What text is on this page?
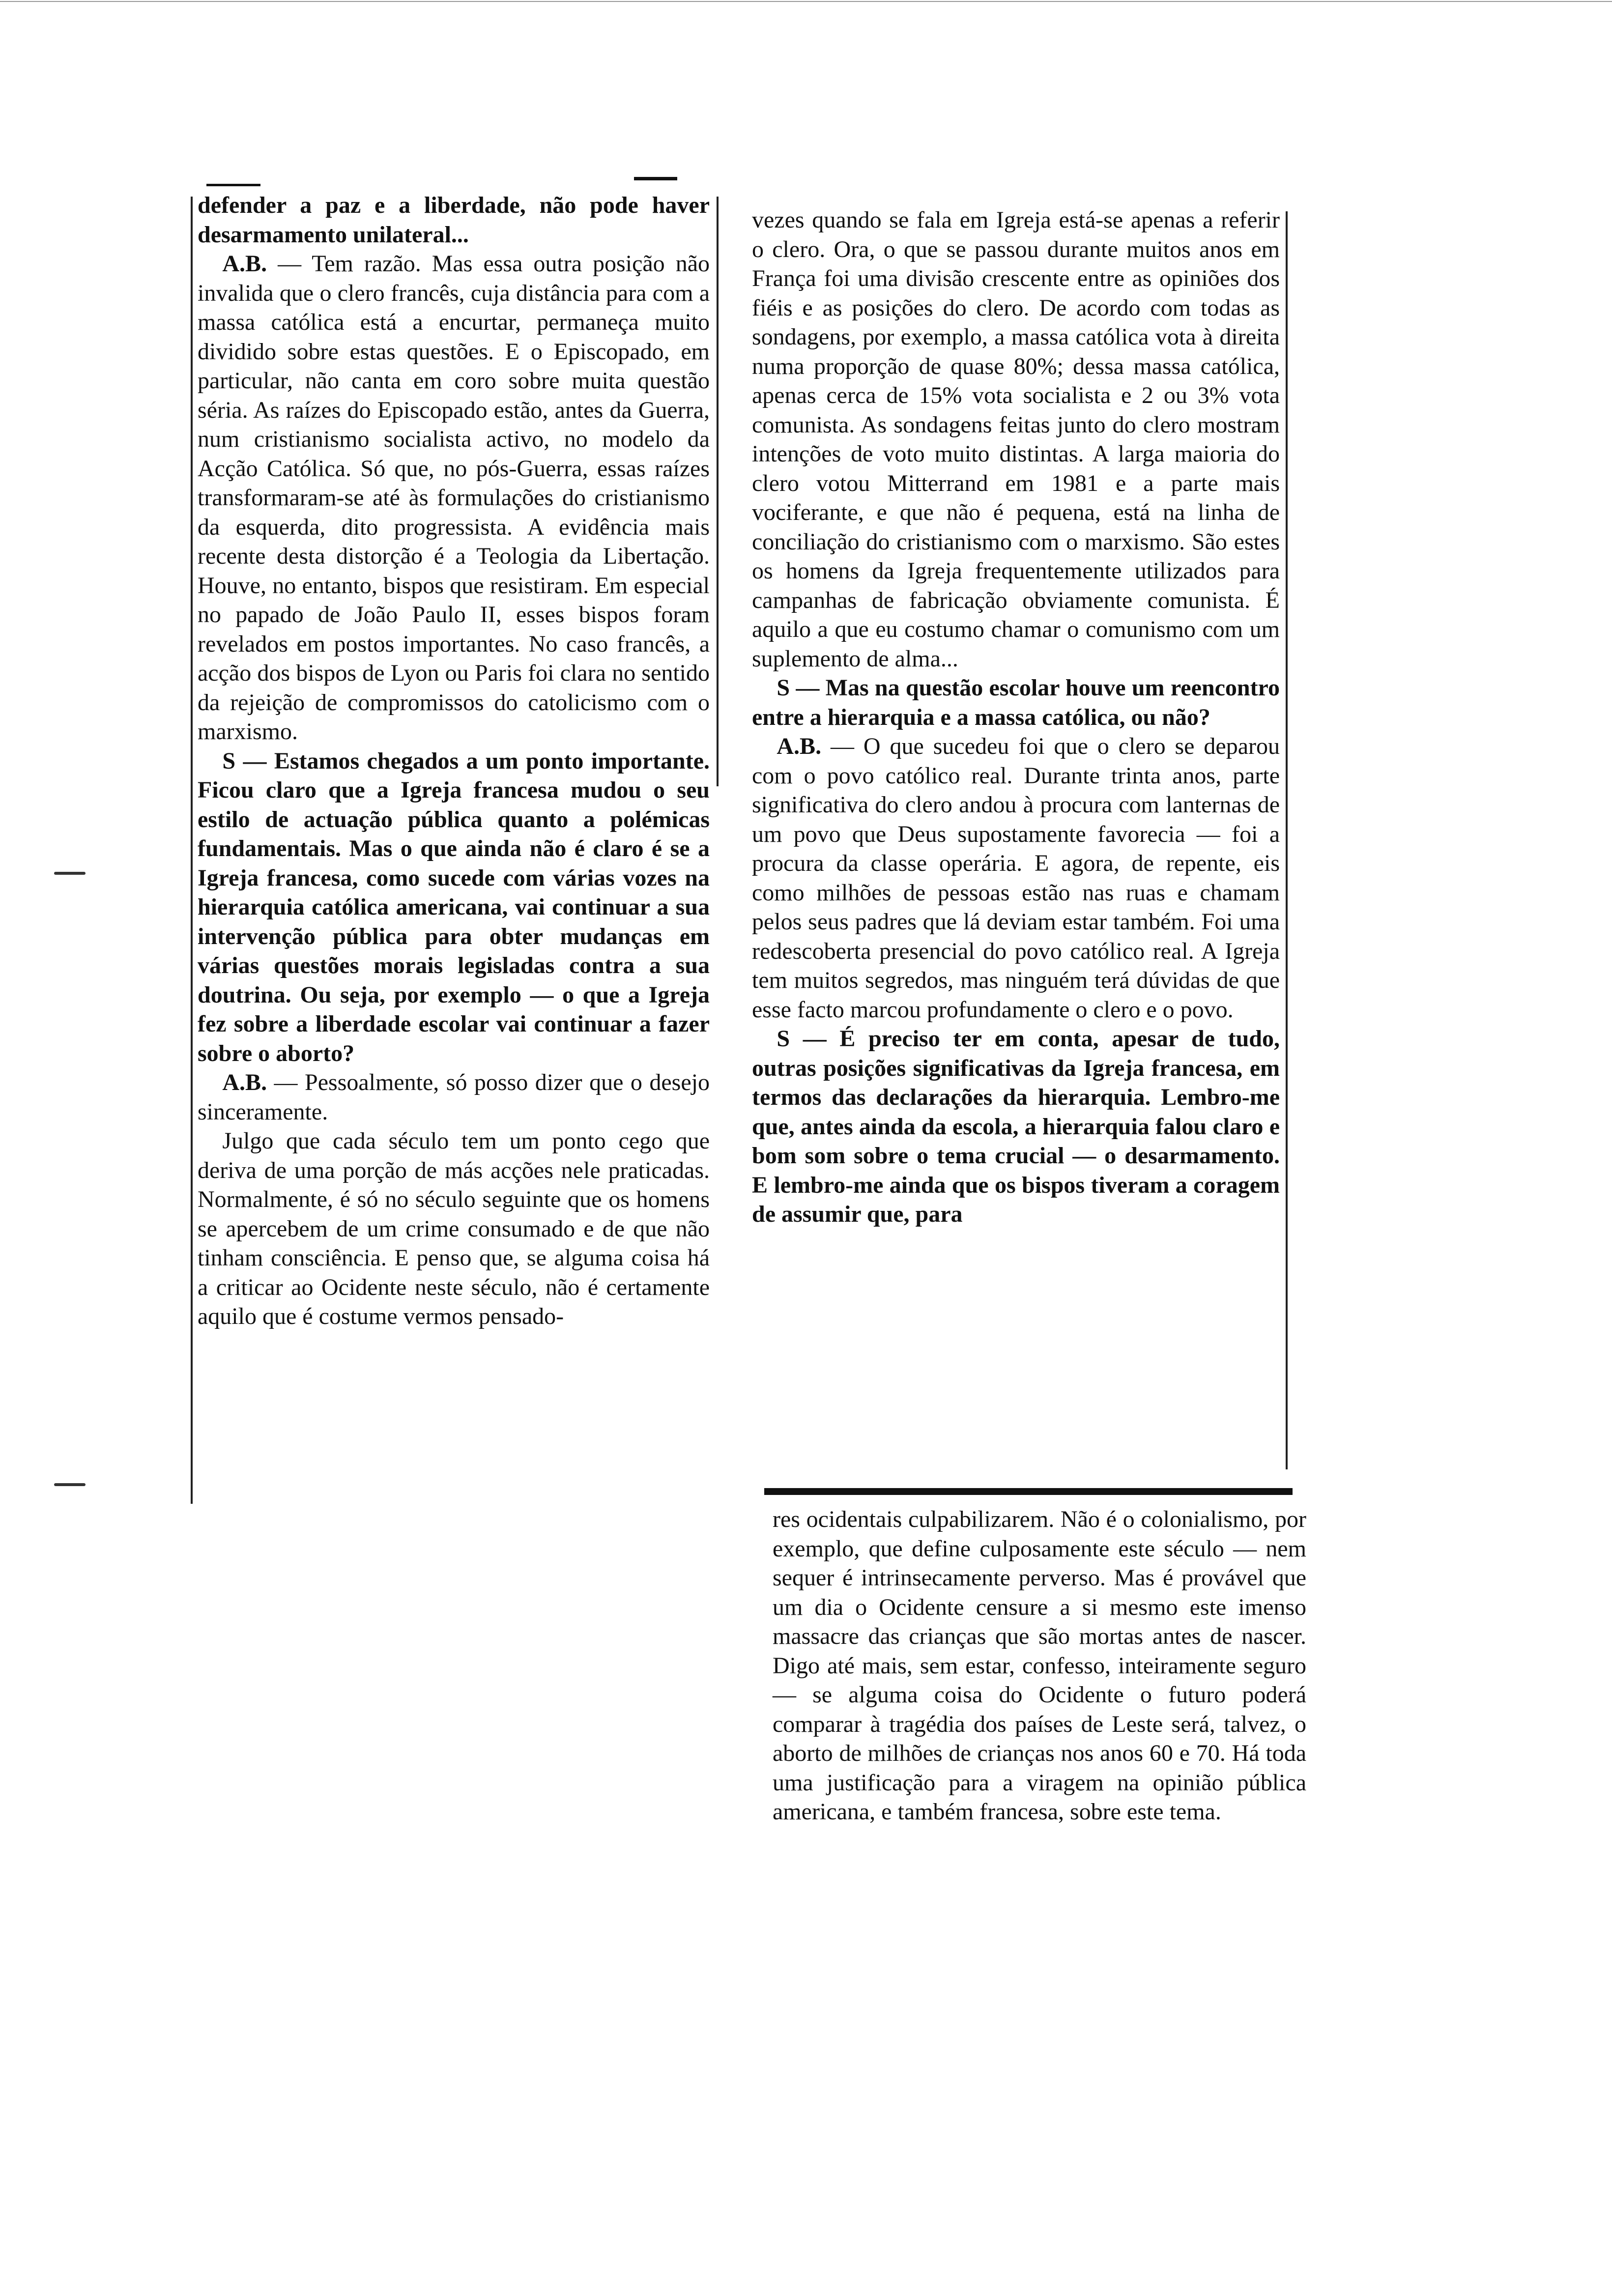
defender a paz e a liberdade, não pode haver desarmamento unilateral...

A.B. — Tem razão. Mas essa outra posição não invalida que o clero francês, cuja distância para com a massa católica está a encurtar, permaneça muito dividido sobre estas questões. E o Episcopado, em particular, não canta em coro sobre muita questão séria. As raízes do Episcopado estão, antes da Guerra, num cristianismo socialista activo, no modelo da Acção Católica. Só que, no pós-Guerra, essas raízes transformaram-se até às formulações do cristianismo da esquerda, dito progressista. A evidência mais recente desta distorção é a Teologia da Libertação. Houve, no entanto, bispos que resistiram. Em especial no papado de João Paulo II, esses bispos foram revelados em postos importantes. No caso francês, a acção dos bispos de Lyon ou Paris foi clara no sentido da rejeição de compromissos do catolicismo com o marxismo.

S — Estamos chegados a um ponto importante. Ficou claro que a Igreja francesa mudou o seu estilo de actuação pública quanto a polémicas fundamentais. Mas o que ainda não é claro é se a Igreja francesa, como sucede com várias vozes na hierarquia católica americana, vai continuar a sua intervenção pública para obter mudanças em várias questões morais legisladas contra a sua doutrina. Ou seja, por exemplo — o que a Igreja fez sobre a liberdade escolar vai continuar a fazer sobre o aborto?

A.B. — Pessoalmente, só posso dizer que o desejo sinceramente.

Julgo que cada século tem um ponto cego que deriva de uma porção de más acções nele praticadas. Normalmente, é só no século seguinte que os homens se apercebem de um crime consumado e de que não tinham consciência. E penso que, se alguma coisa há a criticar ao Ocidente neste século, não é certamente aquilo que é costume vermos pensado-

vezes quando se fala em Igreja está-se apenas a referir o clero. Ora, o que se passou durante muitos anos em França foi uma divisão crescente entre as opiniões dos fiéis e as posições do clero. De acordo com todas as sondagens, por exemplo, a massa católica vota à direita numa proporção de quase 80%; dessa massa católica, apenas cerca de 15% vota socialista e 2 ou 3% vota comunista. As sondagens feitas junto do clero mostram intenções de voto muito distintas. A larga maioria do clero votou Mitterrand em 1981 e a parte mais vociferante, e que não é pequena, está na linha de conciliação do cristianismo com o marxismo. São estes os homens da Igreja frequentemente utilizados para campanhas de fabricação obviamente comunista. É aquilo a que eu costumo chamar o comunismo com um suplemento de alma...

S — Mas na questão escolar houve um reencontro entre a hierarquia e a massa católica, ou não?

A.B. — O que sucedeu foi que o clero se deparou com o povo católico real. Durante trinta anos, parte significativa do clero andou à procura com lanternas de um povo que Deus supostamente favorecia — foi a procura da classe operária. E agora, de repente, eis como milhões de pessoas estão nas ruas e chamam pelos seus padres que lá deviam estar também. Foi uma redescoberta presencial do povo católico real. A Igreja tem muitos segredos, mas ninguém terá dúvidas de que esse facto marcou profundamente o clero e o povo.

S — É preciso ter em conta, apesar de tudo, outras posições significativas da Igreja francesa, em termos das declarações da hierarquia. Lembro-me que, antes ainda da escola, a hierarquia falou claro e bom som sobre o tema crucial — o desarmamento. E lembro-me ainda que os bispos tiveram a coragem de assumir que, para

res ocidentais culpabilizarem. Não é o colonialismo, por exemplo, que define culposamente este século — nem sequer é intrinsecamente perverso. Mas é provável que um dia o Ocidente censure a si mesmo este imenso massacre das crianças que são mortas antes de nascer. Digo até mais, sem estar, confesso, inteiramente seguro — se alguma coisa do Ocidente o futuro poderá comparar à tragédia dos países de Leste será, talvez, o aborto de milhões de crianças nos anos 60 e 70. Há toda uma justificação para a viragem na opinião pública americana, e também francesa, sobre este tema.
